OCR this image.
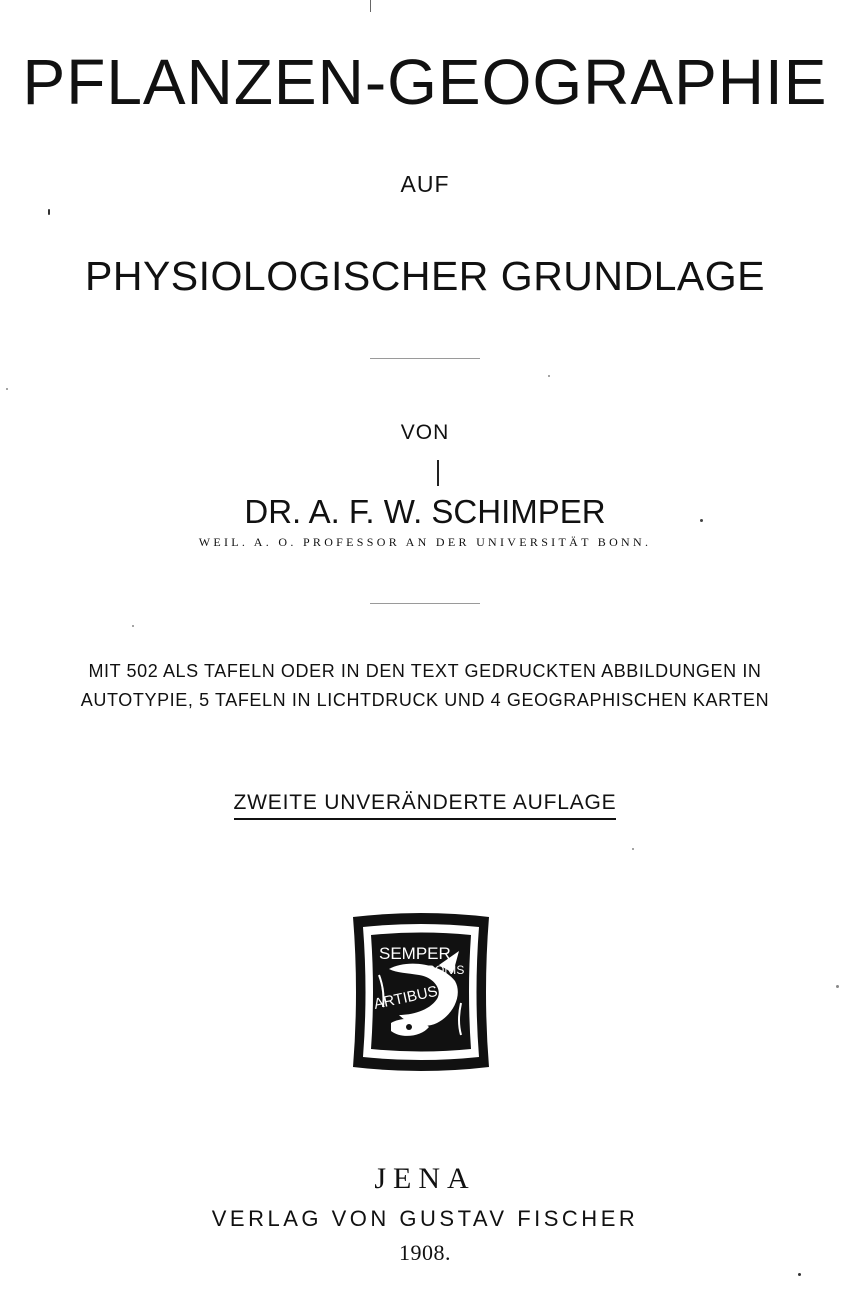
PFLANZEN-GEOGRAPHIE
AUF
PHYSIOLOGISCHER GRUNDLAGE
VON
DR. A. F. W. SCHIMPER
WEIL. A. O. PROFESSOR AN DER UNIVERSITÄT BONN.
MIT 502 ALS TAFELN ODER IN DEN TEXT GEDRUCKTEN ABBILDUNGEN IN
AUTOTYPIE, 5 TAFELN IN LICHTDRUCK UND 4 GEOGRAPHISCHEN KARTEN
ZWEITE UNVERÄNDERTE AUFLAGE
SEMPER
BONIS
ARTIBUS
JENA
VERLAG VON GUSTAV FISCHER
1908.
